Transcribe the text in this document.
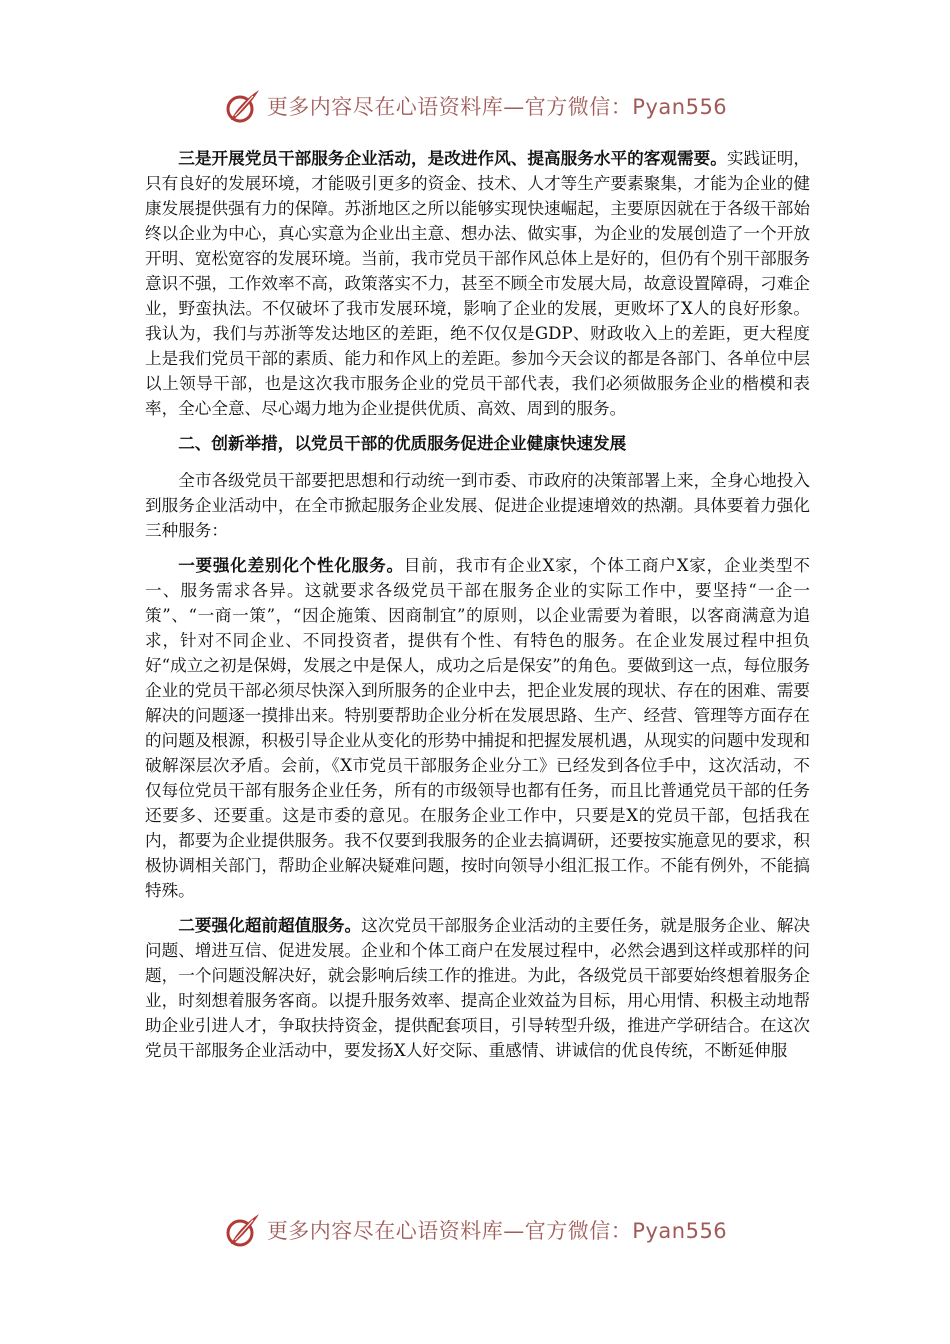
更多内容尽在心语资料库—官方微信：Pyan556

三是开展党员干部服务企业活动，是改进作风、提高服务水平的客观需要。实践证明，只有良好的发展环境，才能吸引更多的资金、技术、人才等生产要素聚集，才能为企业的健康发展提供强有力的保障。苏浙地区之所以能够实现快速崛起，主要原因就在于各级干部始终以企业为中心，真心实意为企业出主意、想办法、做实事，为企业的发展创造了一个开放开明、宽松宽容的发展环境。当前，我市党员干部作风总体上是好的，但仍有个别干部服务意识不强，工作效率不高，政策落实不力，甚至不顾全市发展大局，故意设置障碍，刁难企业，野蛮执法。不仅破坏了我市发展环境，影响了企业的发展，更败坏了X人的良好形象。我认为，我们与苏浙等发达地区的差距，绝不仅仅是GDP、财政收入上的差距，更大程度上是我们党员干部的素质、能力和作风上的差距。参加今天会议的都是各部门、各单位中层以上领导干部，也是这次我市服务企业的党员干部代表，我们必须做服务企业的楷模和表率，全心全意、尽心竭力地为企业提供优质、高效、周到的服务。

二、创新举措，以党员干部的优质服务促进企业健康快速发展

全市各级党员干部要把思想和行动统一到市委、市政府的决策部署上来，全身心地投入到服务企业活动中，在全市掀起服务企业发展、促进企业提速增效的热潮。具体要着力强化三种服务：

一要强化差别化个性化服务。目前，我市有企业X家，个体工商户X家，企业类型不一、服务需求各异。这就要求各级党员干部在服务企业的实际工作中，要坚持“一企一策”、“一商一策”，“因企施策、因商制宜”的原则，以企业需要为着眼，以客商满意为追求，针对不同企业、不同投资者，提供有个性、有特色的服务。在企业发展过程中担负好“成立之初是保姆，发展之中是保人，成功之后是保安”的角色。要做到这一点，每位服务企业的党员干部必须尽快深入到所服务的企业中去，把企业发展的现状、存在的困难、需要解决的问题逐一摸排出来。特别要帮助企业分析在发展思路、生产、经营、管理等方面存在的问题及根源，积极引导企业从变化的形势中捕捉和把握发展机遇，从现实的问题中发现和破解深层次矛盾。会前，《X市党员干部服务企业分工》已经发到各位手中，这次活动，不仅每位党员干部有服务企业任务，所有的市级领导也都有任务，而且比普通党员干部的任务还要多、还要重。这是市委的意见。在服务企业工作中，只要是X的党员干部，包括我在内，都要为企业提供服务。我不仅要到我服务的企业去搞调研，还要按实施意见的要求，积极协调相关部门，帮助企业解决疑难问题，按时向领导小组汇报工作。不能有例外，不能搞特殊。

二要强化超前超值服务。这次党员干部服务企业活动的主要任务，就是服务企业、解决问题、增进互信、促进发展。企业和个体工商户在发展过程中，必然会遇到这样或那样的问题，一个问题没解决好，就会影响后续工作的推进。为此，各级党员干部要始终想着服务企业，时刻想着服务客商。以提升服务效率、提高企业效益为目标，用心用情、积极主动地帮助企业引进人才，争取扶持资金，提供配套项目，引导转型升级，推进产学研结合。在这次党员干部服务企业活动中，要发扬X人好交际、重感情、讲诚信的优良传统，不断延伸服

更多内容尽在心语资料库—官方微信：Pyan556
